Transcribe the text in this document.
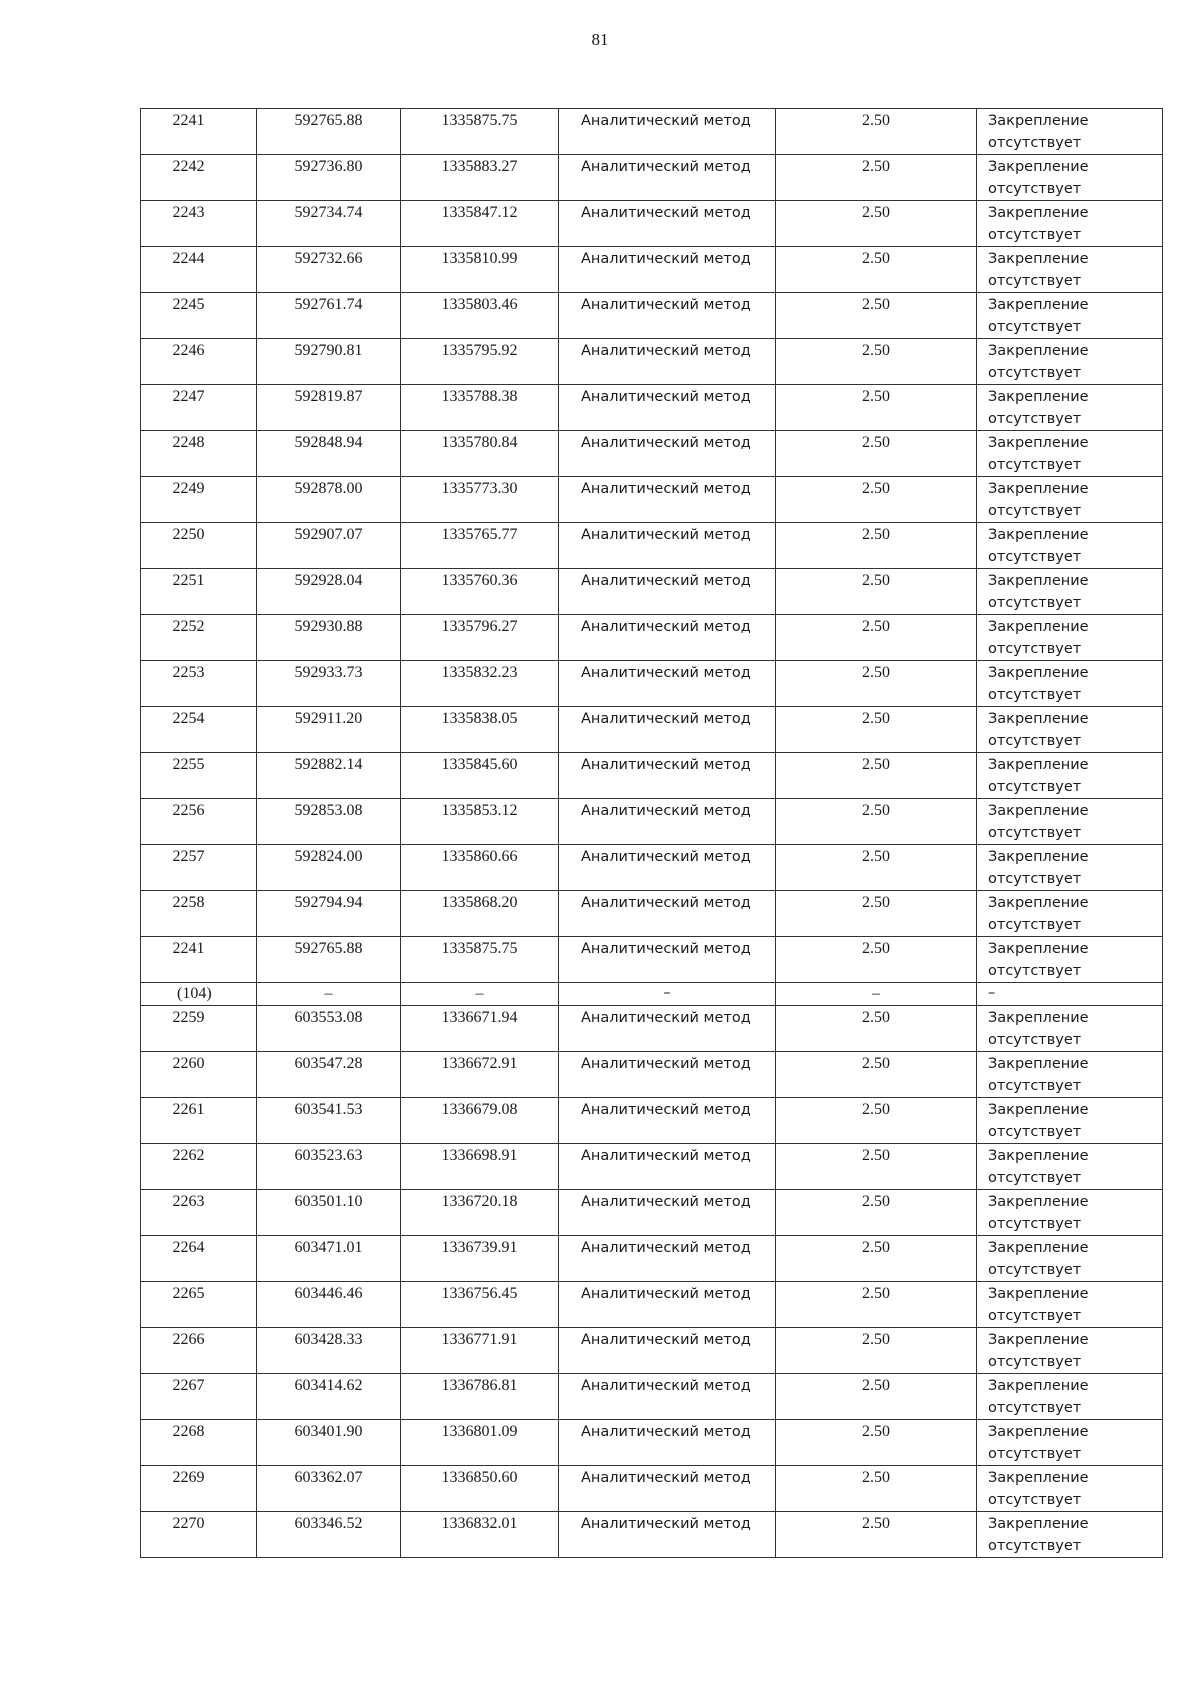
81
2241	592765.88	1335875.75	Аналитический метод	2.50	Закрепление
отсутствует

2242	592736.80	1335883.27	Аналитический метод	2.50	Закрепление
отсутствует

2243	592734.74	1335847.12	Аналитический метод	2.50	Закрепление
отсутствует

2244	592732.66	1335810.99	Аналитический метод	2.50	Закрепление
отсутствует

2245	592761.74	1335803.46	Аналитический метод	2.50	Закрепление
отсутствует

2246	592790.81	1335795.92	Аналитический метод	2.50	Закрепление
отсутствует

2247	592819.87	1335788.38	Аналитический метод	2.50	Закрепление
отсутствует

2248	592848.94	1335780.84	Аналитический метод	2.50	Закрепление
отсутствует

2249	592878.00	1335773.30	Аналитический метод	2.50	Закрепление
отсутствует

2250	592907.07	1335765.77	Аналитический метод	2.50	Закрепление
отсутствует

2251	592928.04	1335760.36	Аналитический метод	2.50	Закрепление
отсутствует

2252	592930.88	1335796.27	Аналитический метод	2.50	Закрепление
отсутствует

2253	592933.73	1335832.23	Аналитический метод	2.50	Закрепление
отсутствует

2254	592911.20	1335838.05	Аналитический метод	2.50	Закрепление
отсутствует

2255	592882.14	1335845.60	Аналитический метод	2.50	Закрепление
отсутствует

2256	592853.08	1335853.12	Аналитический метод	2.50	Закрепление
отсутствует

2257	592824.00	1335860.66	Аналитический метод	2.50	Закрепление
отсутствует

2258	592794.94	1335868.20	Аналитический метод	2.50	Закрепление
отсутствует

2241	592765.88	1335875.75	Аналитический метод	2.50	Закрепление
отсутствует

(104)	–	–	–	–	–

2259	603553.08	1336671.94	Аналитический метод	2.50	Закрепление
отсутствует

2260	603547.28	1336672.91	Аналитический метод	2.50	Закрепление
отсутствует

2261	603541.53	1336679.08	Аналитический метод	2.50	Закрепление
отсутствует

2262	603523.63	1336698.91	Аналитический метод	2.50	Закрепление
отсутствует

2263	603501.10	1336720.18	Аналитический метод	2.50	Закрепление
отсутствует

2264	603471.01	1336739.91	Аналитический метод	2.50	Закрепление
отсутствует

2265	603446.46	1336756.45	Аналитический метод	2.50	Закрепление
отсутствует

2266	603428.33	1336771.91	Аналитический метод	2.50	Закрепление
отсутствует

2267	603414.62	1336786.81	Аналитический метод	2.50	Закрепление
отсутствует

2268	603401.90	1336801.09	Аналитический метод	2.50	Закрепление
отсутствует

2269	603362.07	1336850.60	Аналитический метод	2.50	Закрепление
отсутствует

2270	603346.52	1336832.01	Аналитический метод	2.50	Закрепление
отсутствует
